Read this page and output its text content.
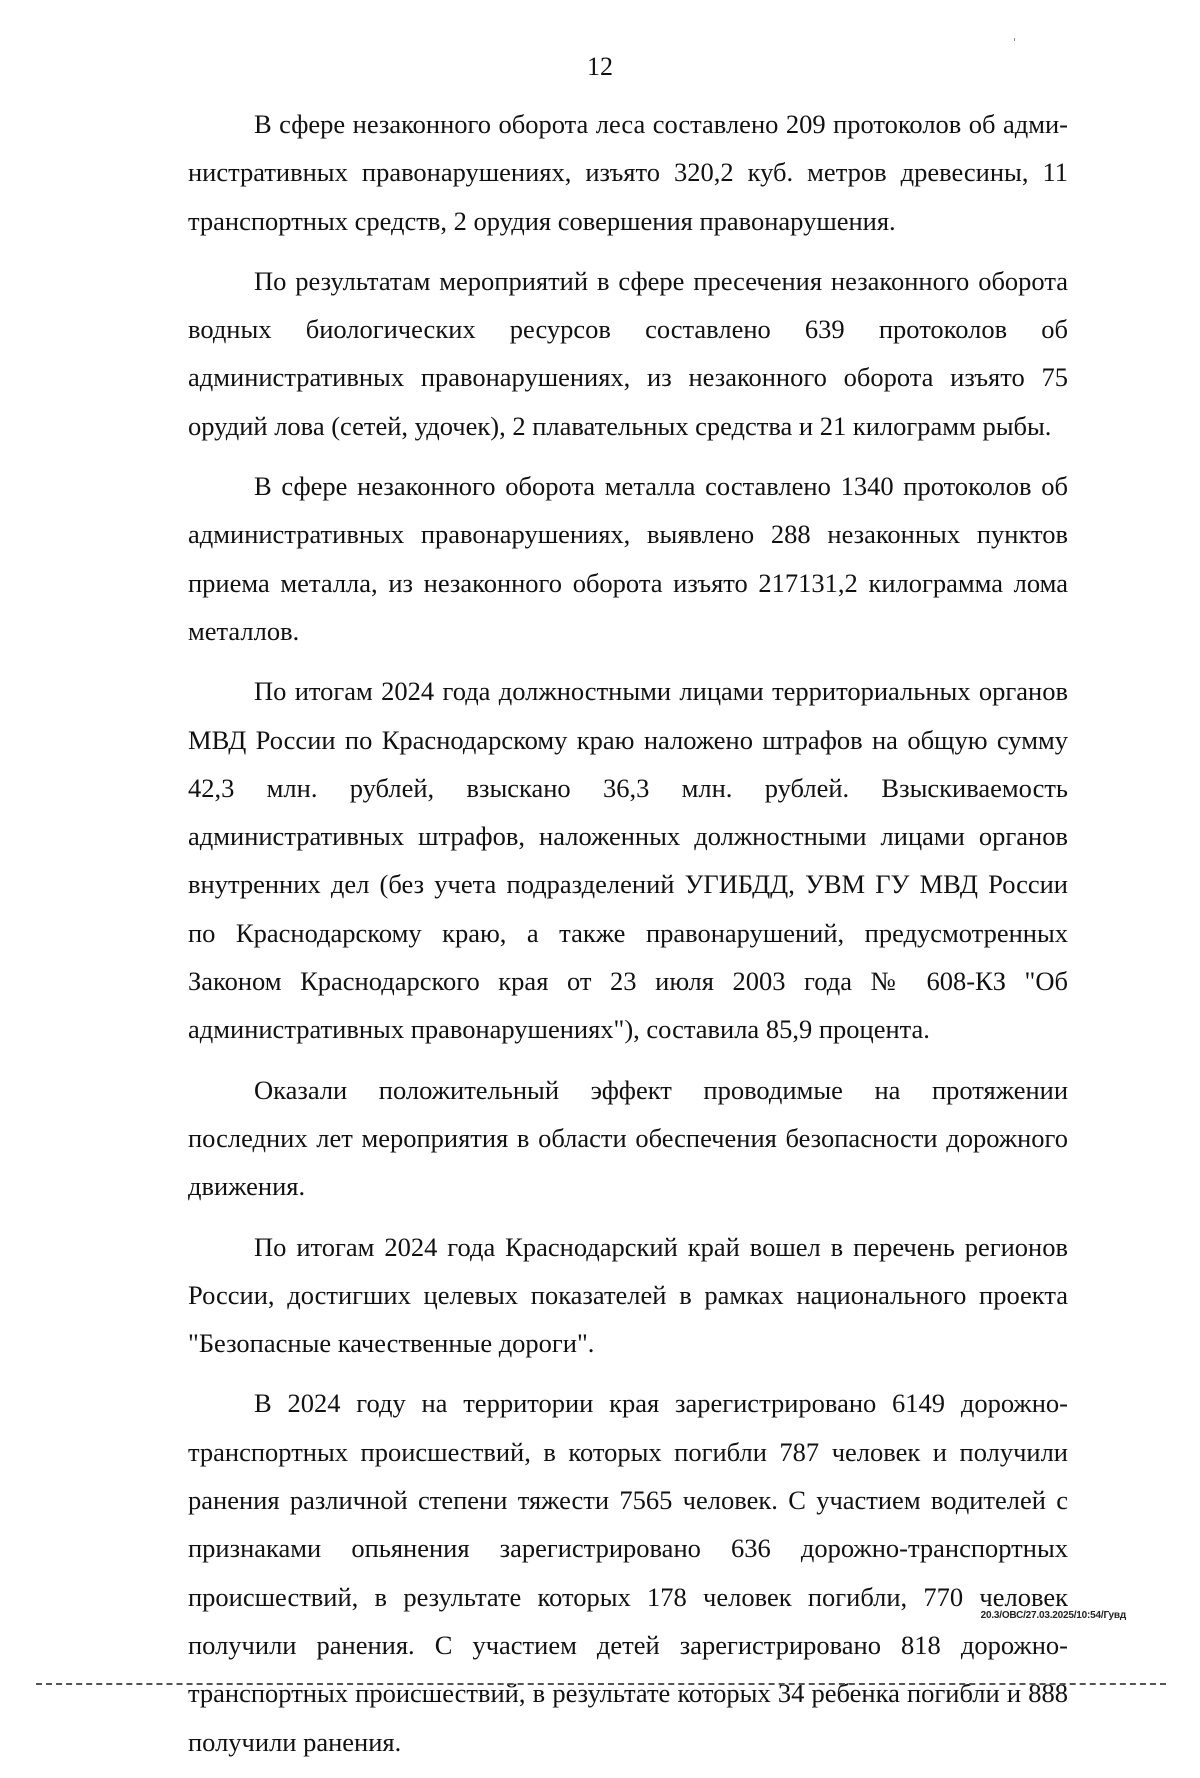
12

В сфере незаконного оборота леса составлено 209 протоколов об административных правонарушениях, изъято 320,2 куб. метров древесины, 11 транспортных средств, 2 орудия совершения правонарушения.

По результатам мероприятий в сфере пресечения незаконного оборота водных биологических ресурсов составлено 639 протоколов об административных правонарушениях, из незаконного оборота изъято 75 орудий лова (сетей, удочек), 2 плавательных средства и 21 килограмм рыбы.

В сфере незаконного оборота металла составлено 1340 протоколов об административных правонарушениях, выявлено 288 незаконных пунктов приема металла, из незаконного оборота изъято 217131,2 килограмма лома металлов.

По итогам 2024 года должностными лицами территориальных органов МВД России по Краснодарскому краю наложено штрафов на общую сумму 42,3 млн. рублей, взыскано 36,3 млн. рублей. Взыскиваемость административных штрафов, наложенных должностными лицами органов внутренних дел (без учета подразделений УГИБДД, УВМ ГУ МВД России по Краснодарскому краю, а также правонарушений, предусмотренных Законом Краснодарского края от 23 июля 2003 года № 608-КЗ "Об административных правонарушениях"), составила 85,9 процента.

Оказали положительный эффект проводимые на протяжении последних лет мероприятия в области обеспечения безопасности дорожного движения.

По итогам 2024 года Краснодарский край вошел в перечень регионов России, достигших целевых показателей в рамках национального проекта "Безопасные качественные дороги".

В 2024 году на территории края зарегистрировано 6149 дорожно-транспортных происшествий, в которых погибли 787 человек и получили ранения различной степени тяжести 7565 человек. С участием водителей с признаками опьянения зарегистрировано 636 дорожно-транспортных происшествий, в результате которых 178 человек погибли, 770 человек получили ранения. С участием детей зарегистрировано 818 дорожно-транспортных происшествий, в результате которых 34 ребенка погибли и 888 получили ранения.

20.3/ОВС/27.03.2025/10:54/Гувд
